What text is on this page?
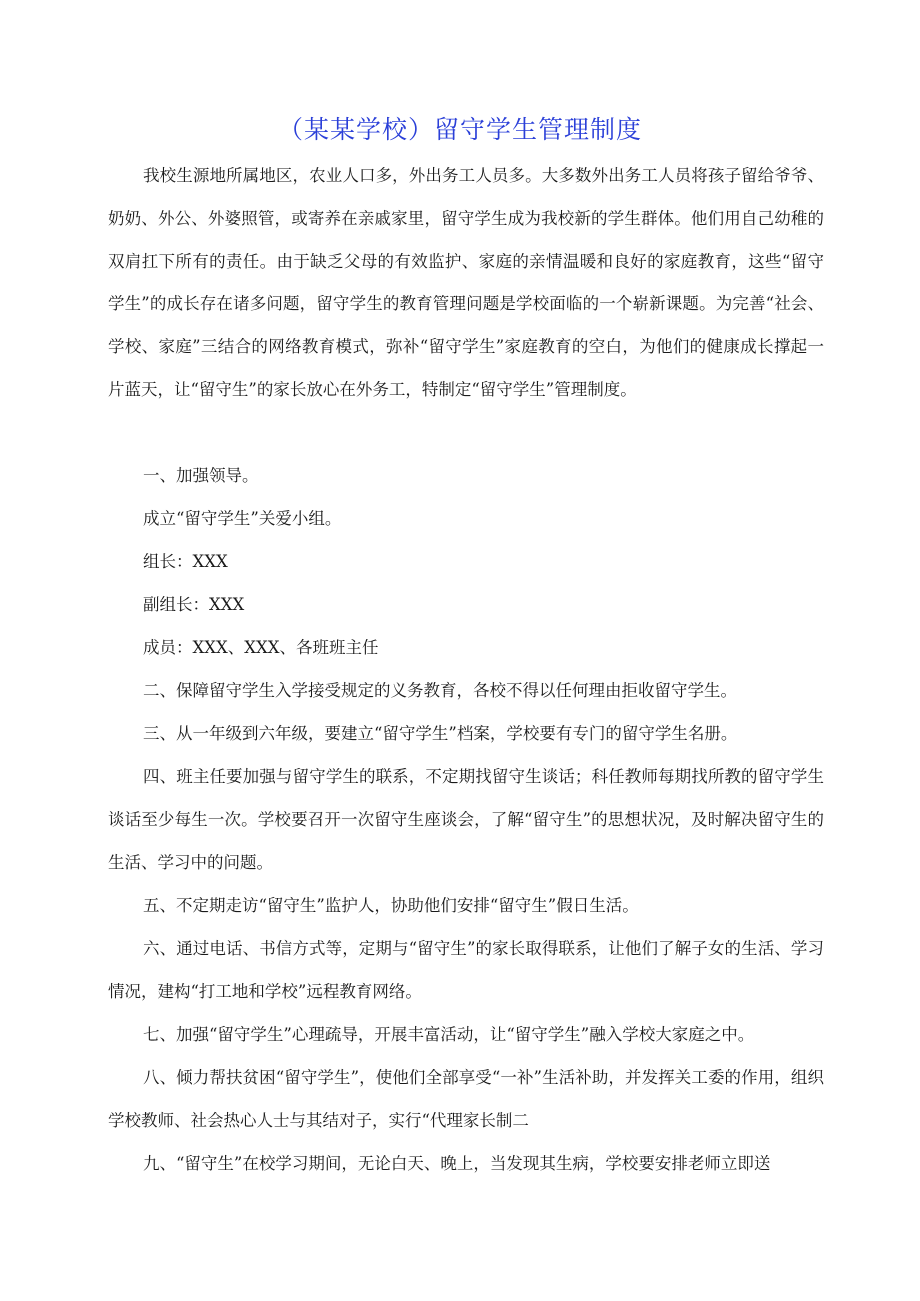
（某某学校）留守学生管理制度

我校生源地所属地区，农业人口多，外出务工人员多。大多数外出务工人员将孩子留给爷爷、奶奶、外公、外婆照管，或寄养在亲戚家里，留守学生成为我校新的学生群体。他们用自己幼稚的双肩扛下所有的责任。由于缺乏父母的有效监护、家庭的亲情温暖和良好的家庭教育，这些“留守学生”的成长存在诸多问题，留守学生的教育管理问题是学校面临的一个崭新课题。为完善“社会、学校、家庭”三结合的网络教育模式，弥补“留守学生”家庭教育的空白，为他们的健康成长撑起一片蓝天，让“留守生”的家长放心在外务工，特制定“留守学生”管理制度。

一、加强领导。

成立“留守学生”关爱小组。

组长：XXX

副组长：XXX

成员：XXX、XXX、各班班主任

二、保障留守学生入学接受规定的义务教育，各校不得以任何理由拒收留守学生。

三、从一年级到六年级，要建立“留守学生”档案，学校要有专门的留守学生名册。

四、班主任要加强与留守学生的联系，不定期找留守生谈话；科任教师每期找所教的留守学生谈话至少每生一次。学校要召开一次留守生座谈会，了解“留守生”的思想状况，及时解决留守生的生活、学习中的问题。

五、不定期走访“留守生”监护人，协助他们安排“留守生”假日生活。

六、通过电话、书信方式等，定期与“留守生”的家长取得联系，让他们了解子女的生活、学习情况，建构“打工地和学校”远程教育网络。

七、加强“留守学生”心理疏导，开展丰富活动，让“留守学生”融入学校大家庭之中。

八、倾力帮扶贫困“留守学生”，使他们全部享受“一补”生活补助，并发挥关工委的作用，组织学校教师、社会热心人士与其结对子，实行“代理家长制二

九、“留守生”在校学习期间，无论白天、晚上，当发现其生病，学校要安排老师立即送
